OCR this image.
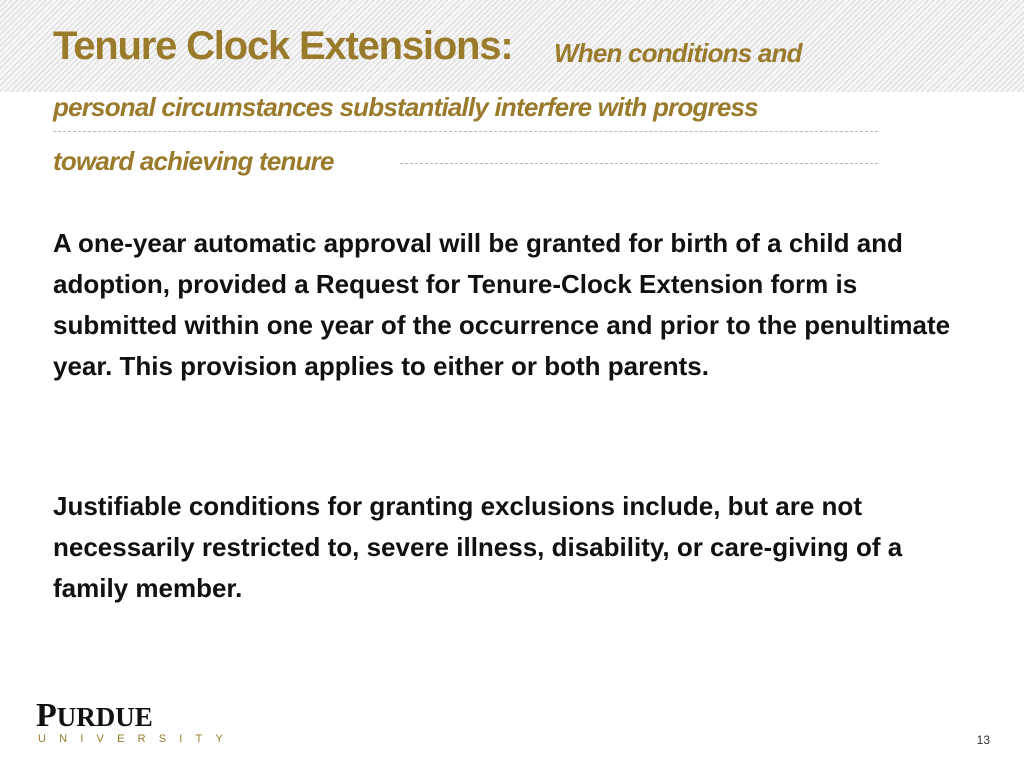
Tenure Clock Extensions: When conditions and
personal circumstances substantially interfere with progress
toward achieving tenure

A one-year automatic approval will be granted for birth of a child and adoption, provided a Request for Tenure-Clock Extension form is submitted within one year of the occurrence and prior to the penultimate year. This provision applies to either or both parents.

Justifiable conditions for granting exclusions include, but are not necessarily restricted to, severe illness, disability, or care-giving of a family member.

PURDUE
UNIVERSITY	13
